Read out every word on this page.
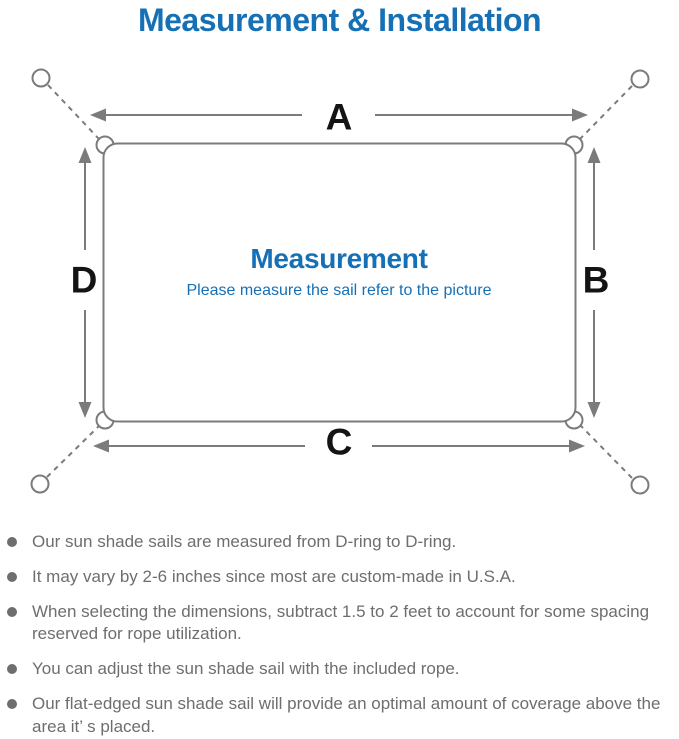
Measurement & Installation
A
B
C
D
Measurement
Please measure the sail refer to the picture
Our sun shade sails are measured from D-ring to D-ring.
It may vary by 2-6 inches since most are custom-made in U.S.A.
When selecting the dimensions, subtract 1.5 to 2 feet to account for some spacing reserved for rope utilization.
You can adjust the sun shade sail with the included rope.
Our flat-edged sun shade sail will provide an optimal amount of coverage above the area it’ s placed.
